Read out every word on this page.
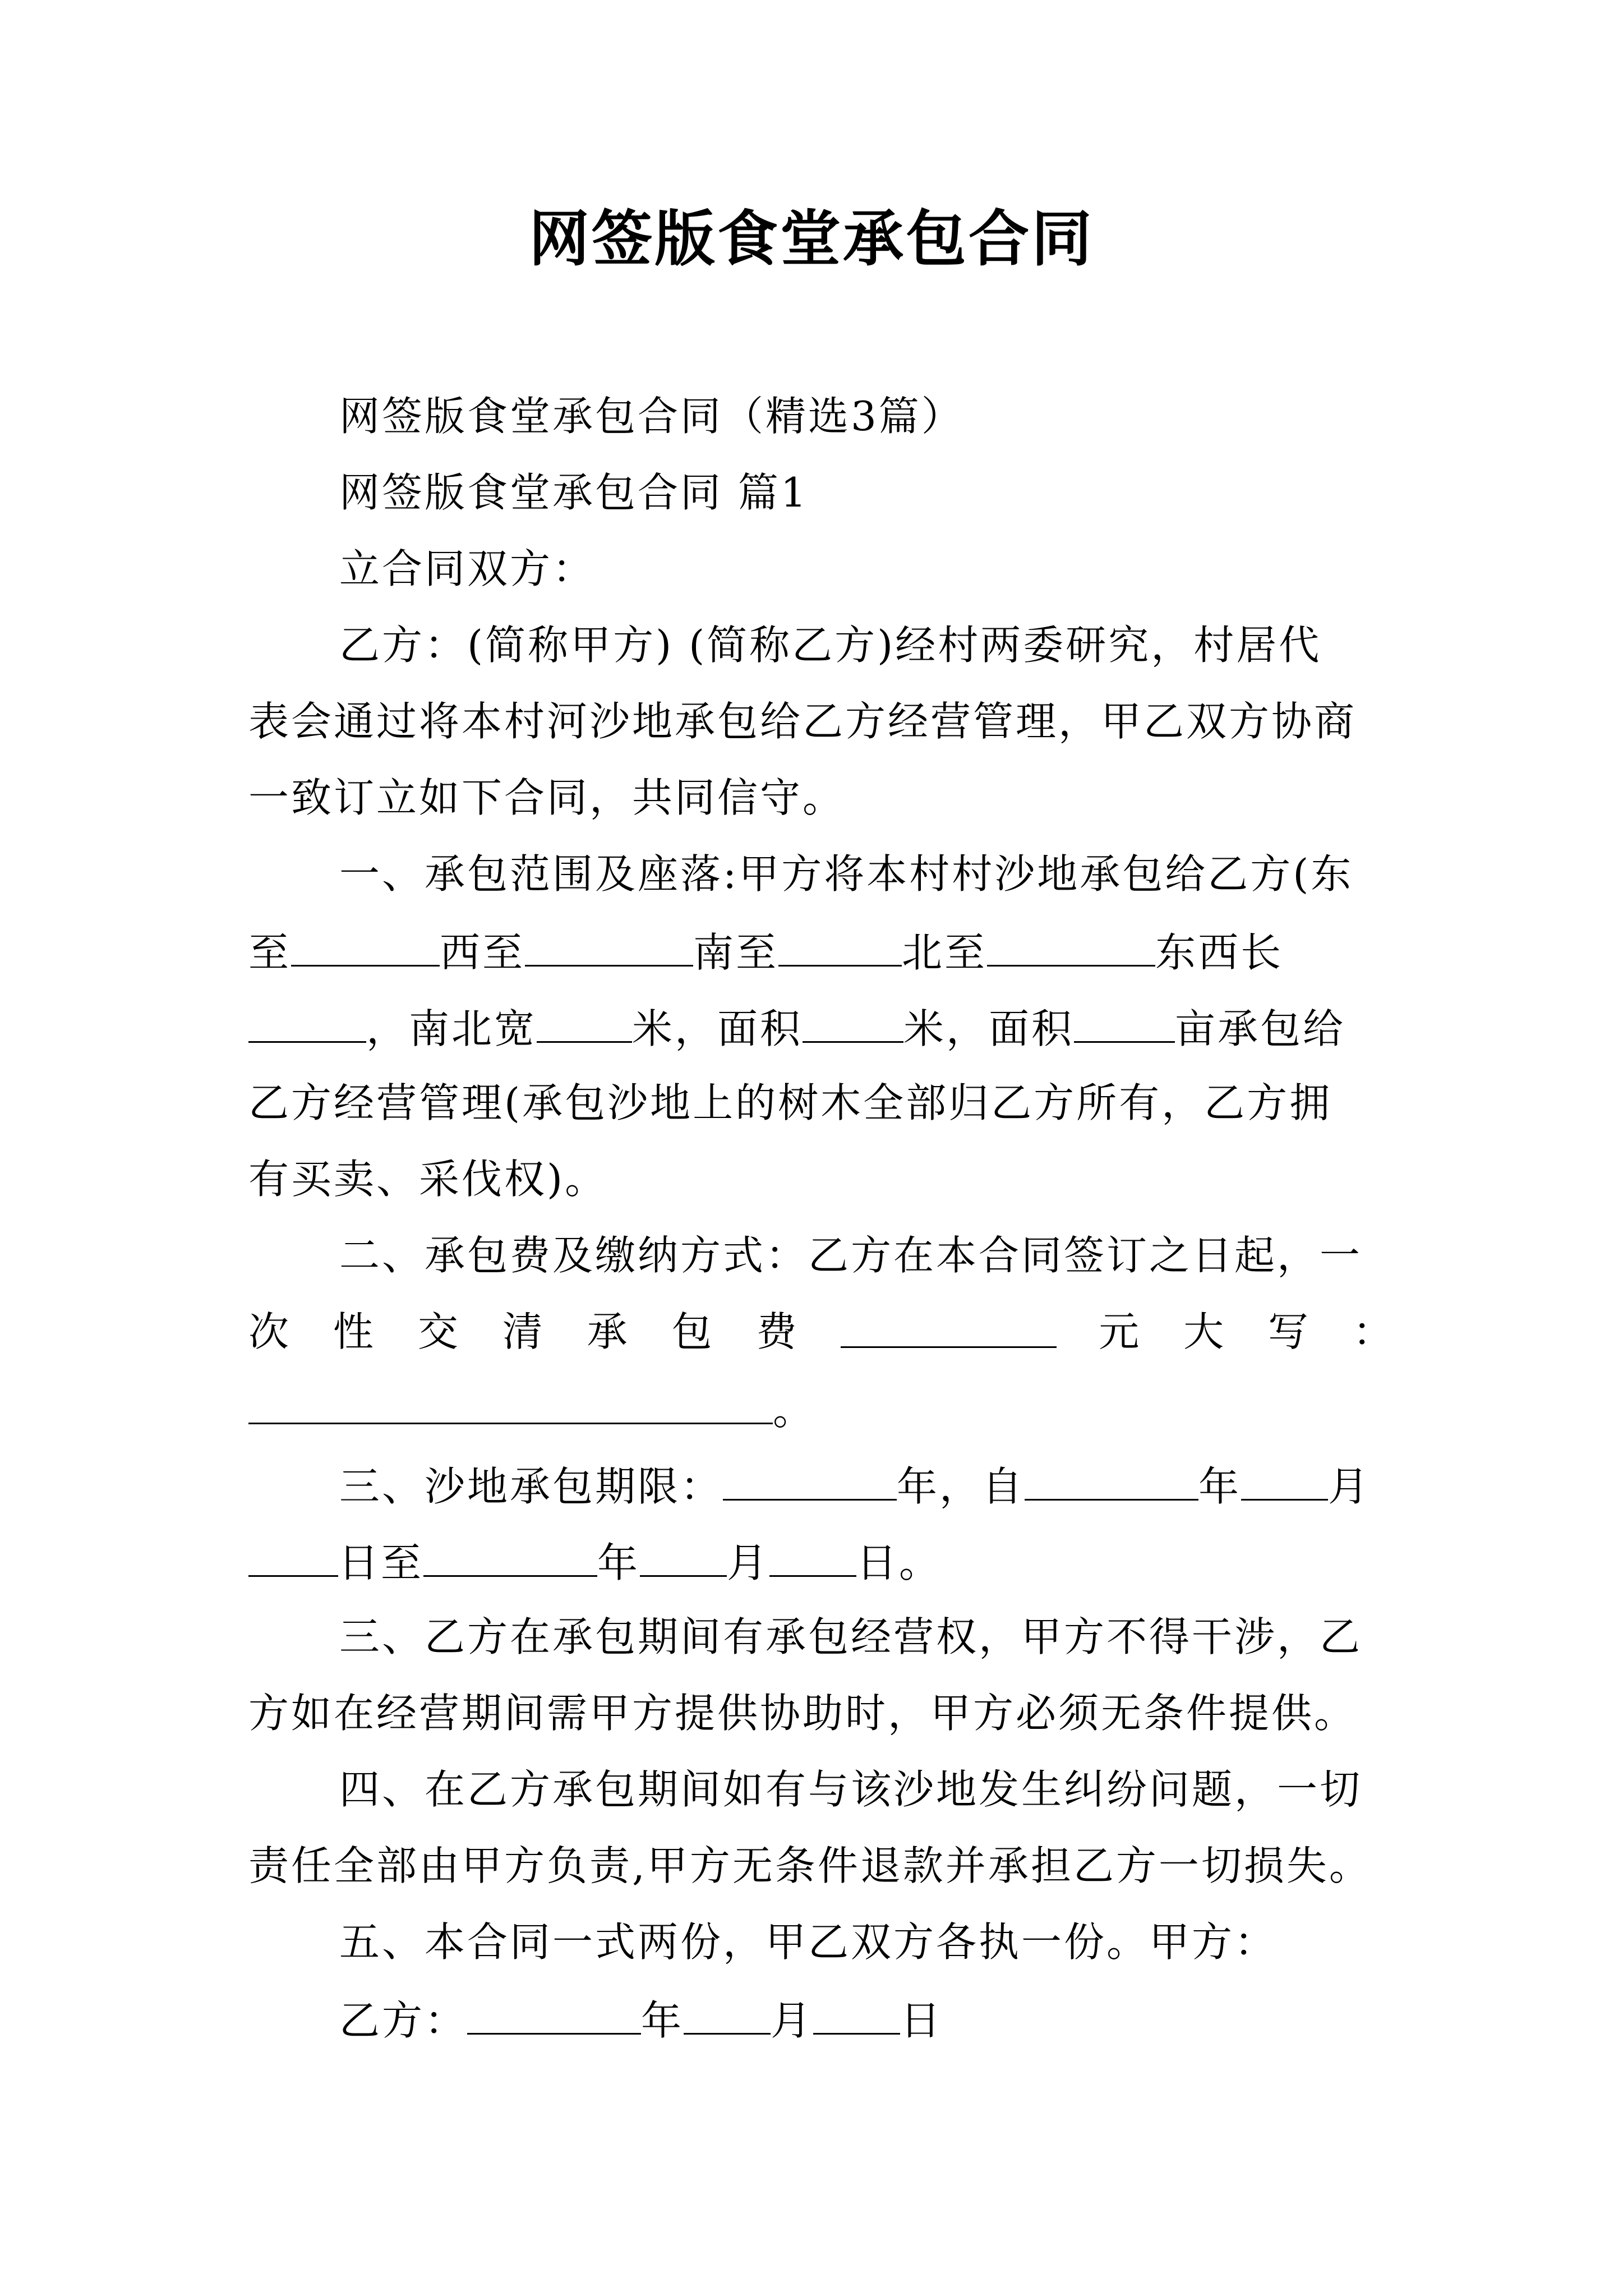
网签版食堂承包合同
网签版食堂承包合同（精选3篇）
网签版食堂承包合同 篇1
立合同双方：
乙方：(简称甲方) (简称乙方)经村两委研究，村居代
表会通过将本村河沙地承包给乙方经营管理，甲乙双方协商
一致订立如下合同，共同信守。
一、承包范围及座落:甲方将本村村沙地承包给乙方(东
至	西至	南至	北至	东西长
，南北宽 米，面积	米，面积	亩承包给
乙方经营管理(承包沙地上的树木全部归乙方所有，乙方拥
有买卖、采伐权)。
二、承包费及缴纳方式：乙方在本合同签订之日起，一
次 性 交 清 承 包 费	元 大 写 ：
。
三、沙地承包期限：	年，自	年 月
日至	年 月 日。
三、乙方在承包期间有承包经营权，甲方不得干涉，乙
方如在经营期间需甲方提供协助时，甲方必须无条件提供。
四、在乙方承包期间如有与该沙地发生纠纷问题，一切
责任全部由甲方负责,甲方无条件退款并承担乙方一切损失。
五、本合同一式两份，甲乙双方各执一份。甲方：
乙方：	年 月 日
